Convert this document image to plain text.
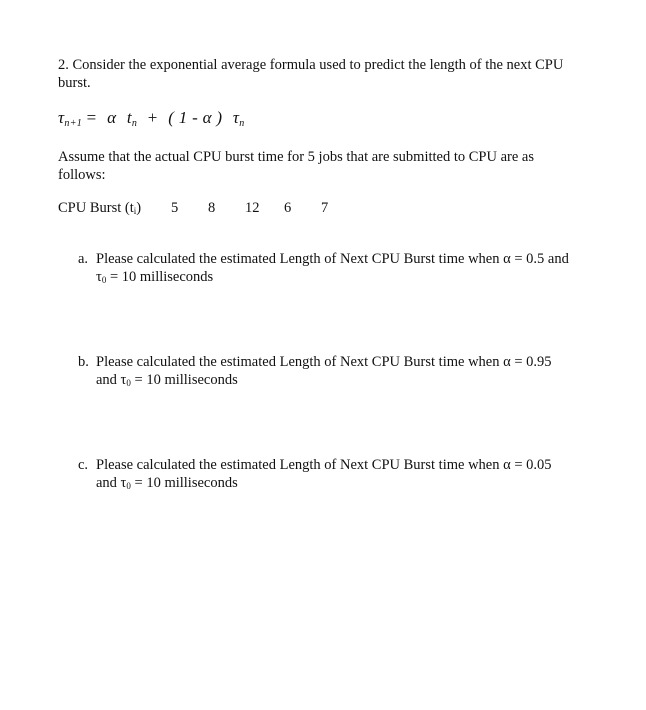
2. Consider the exponential average formula used to predict the length of the next CPU
burst.
$\tau_{n+1} = \alpha$ $t_n$ + ( 1 - α ) $\tau_n$
Assume that the actual CPU burst time for 5 jobs that are submitted to CPU are as
follows:
CPU Burst $(t_i)$ 5 8 12 6 7
a. Please calculated the estimated Length of Next CPU Burst time when α = 0.5 and
$\tau_0 = 10$ milliseconds
b. Please calculated the estimated Length of Next CPU Burst time when α = 0.95
and $\tau_0 = 10$ milliseconds
c. Please calculated the estimated Length of Next CPU Burst time when α = 0.05
and $\tau_0 = 10$ milliseconds
